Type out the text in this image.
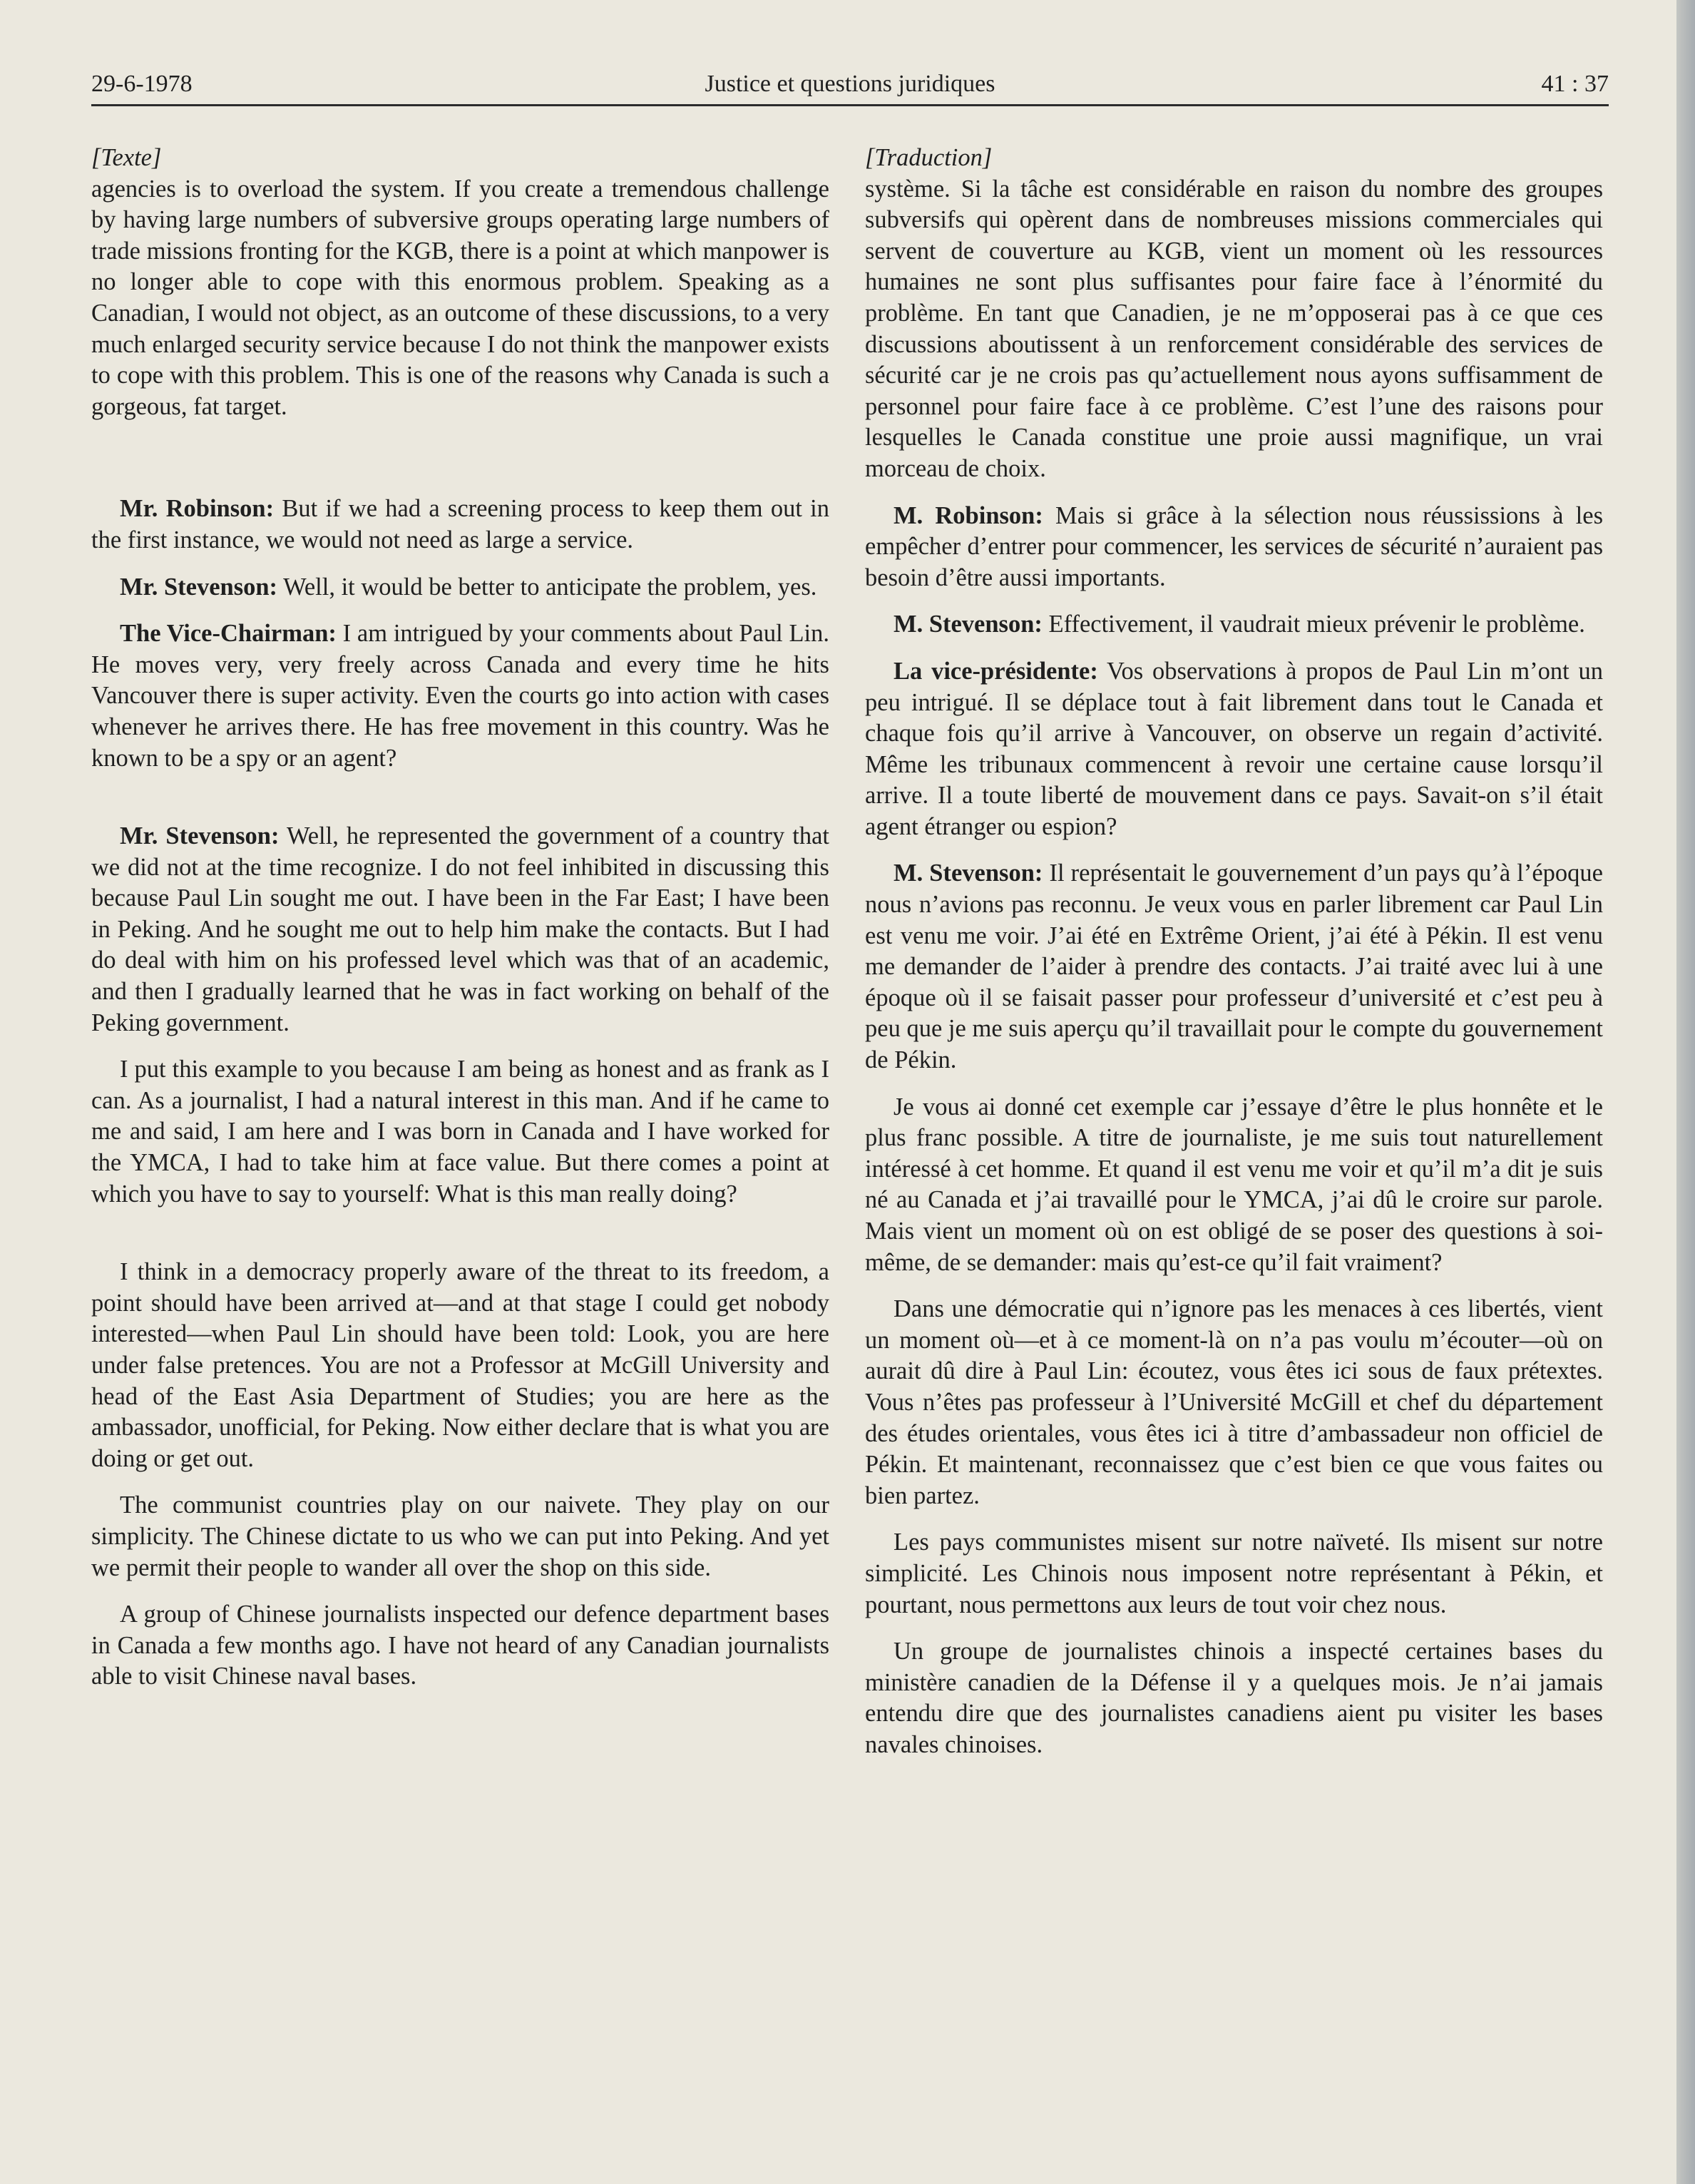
29-6-1978	Justice et questions juridiques	41 : 37

[Texte]

agencies is to overload the system. If you create a tremendous challenge by having large numbers of subversive groups operating large numbers of trade missions fronting for the KGB, there is a point at which manpower is no longer able to cope with this enormous problem. Speaking as a Canadian, I would not object, as an outcome of these discussions, to a very much enlarged security service because I do not think the manpower exists to cope with this problem. This is one of the reasons why Canada is such a gorgeous, fat target.

Mr. Robinson: But if we had a screening process to keep them out in the first instance, we would not need as large a service.

Mr. Stevenson: Well, it would be better to anticipate the problem, yes.

The Vice-Chairman: I am intrigued by your comments about Paul Lin. He moves very, very freely across Canada and every time he hits Vancouver there is super activity. Even the courts go into action with cases whenever he arrives there. He has free movement in this country. Was he known to be a spy or an agent?

Mr. Stevenson: Well, he represented the government of a country that we did not at the time recognize. I do not feel inhibited in discussing this because Paul Lin sought me out. I have been in the Far East; I have been in Peking. And he sought me out to help him make the contacts. But I had do deal with him on his professed level which was that of an academic, and then I gradually learned that he was in fact working on behalf of the Peking government.

I put this example to you because I am being as honest and as frank as I can. As a journalist, I had a natural interest in this man. And if he came to me and said, I am here and I was born in Canada and I have worked for the YMCA, I had to take him at face value. But there comes a point at which you have to say to yourself: What is this man really doing?

I think in a democracy properly aware of the threat to its freedom, a point should have been arrived at—and at that stage I could get nobody interested—when Paul Lin should have been told: Look, you are here under false pretences. You are not a Professor at McGill University and head of the East Asia Department of Studies; you are here as the ambassador, unofficial, for Peking. Now either declare that is what you are doing or get out.

The communist countries play on our naivete. They play on our simplicity. The Chinese dictate to us who we can put into Peking. And yet we permit their people to wander all over the shop on this side.

A group of Chinese journalists inspected our defence department bases in Canada a few months ago. I have not heard of any Canadian journalists able to visit Chinese naval bases.

[Traduction]

système. Si la tâche est considérable en raison du nombre des groupes subversifs qui opèrent dans de nombreuses missions commerciales qui servent de couverture au KGB, vient un moment où les ressources humaines ne sont plus suffisantes pour faire face à l’énormité du problème. En tant que Canadien, je ne m’opposerai pas à ce que ces discussions aboutissent à un renforcement considérable des services de sécurité car je ne crois pas qu’actuellement nous ayons suffisamment de personnel pour faire face à ce problème. C’est l’une des raisons pour lesquelles le Canada constitue une proie aussi magnifique, un vrai morceau de choix.

M. Robinson: Mais si grâce à la sélection nous réussissions à les empêcher d’entrer pour commencer, les services de sécurité n’auraient pas besoin d’être aussi importants.

M. Stevenson: Effectivement, il vaudrait mieux prévenir le problème.

La vice-présidente: Vos observations à propos de Paul Lin m’ont un peu intrigué. Il se déplace tout à fait librement dans tout le Canada et chaque fois qu’il arrive à Vancouver, on observe un regain d’activité. Même les tribunaux commencent à revoir une certaine cause lorsqu’il arrive. Il a toute liberté de mouvement dans ce pays. Savait-on s’il était agent étranger ou espion?

M. Stevenson: Il représentait le gouvernement d’un pays qu’à l’époque nous n’avions pas reconnu. Je veux vous en parler librement car Paul Lin est venu me voir. J’ai été en Extrême Orient, j’ai été à Pékin. Il est venu me demander de l’aider à prendre des contacts. J’ai traité avec lui à une époque où il se faisait passer pour professeur d’université et c’est peu à peu que je me suis aperçu qu’il travaillait pour le compte du gouvernement de Pékin.

Je vous ai donné cet exemple car j’essaye d’être le plus honnête et le plus franc possible. A titre de journaliste, je me suis tout naturellement intéressé à cet homme. Et quand il est venu me voir et qu’il m’a dit je suis né au Canada et j’ai travaillé pour le YMCA, j’ai dû le croire sur parole. Mais vient un moment où on est obligé de se poser des questions à soi-même, de se demander: mais qu’est-ce qu’il fait vraiment?

Dans une démocratie qui n’ignore pas les menaces à ces libertés, vient un moment où—et à ce moment-là on n’a pas voulu m’écouter—où on aurait dû dire à Paul Lin: écoutez, vous êtes ici sous de faux prétextes. Vous n’êtes pas professeur à l’Université McGill et chef du département des études orientales, vous êtes ici à titre d’ambassadeur non officiel de Pékin. Et maintenant, reconnaissez que c’est bien ce que vous faites ou bien partez.

Les pays communistes misent sur notre naïveté. Ils misent sur notre simplicité. Les Chinois nous imposent notre représentant à Pékin, et pourtant, nous permettons aux leurs de tout voir chez nous.

Un groupe de journalistes chinois a inspecté certaines bases du ministère canadien de la Défense il y a quelques mois. Je n’ai jamais entendu dire que des journalistes canadiens aient pu visiter les bases navales chinoises.
